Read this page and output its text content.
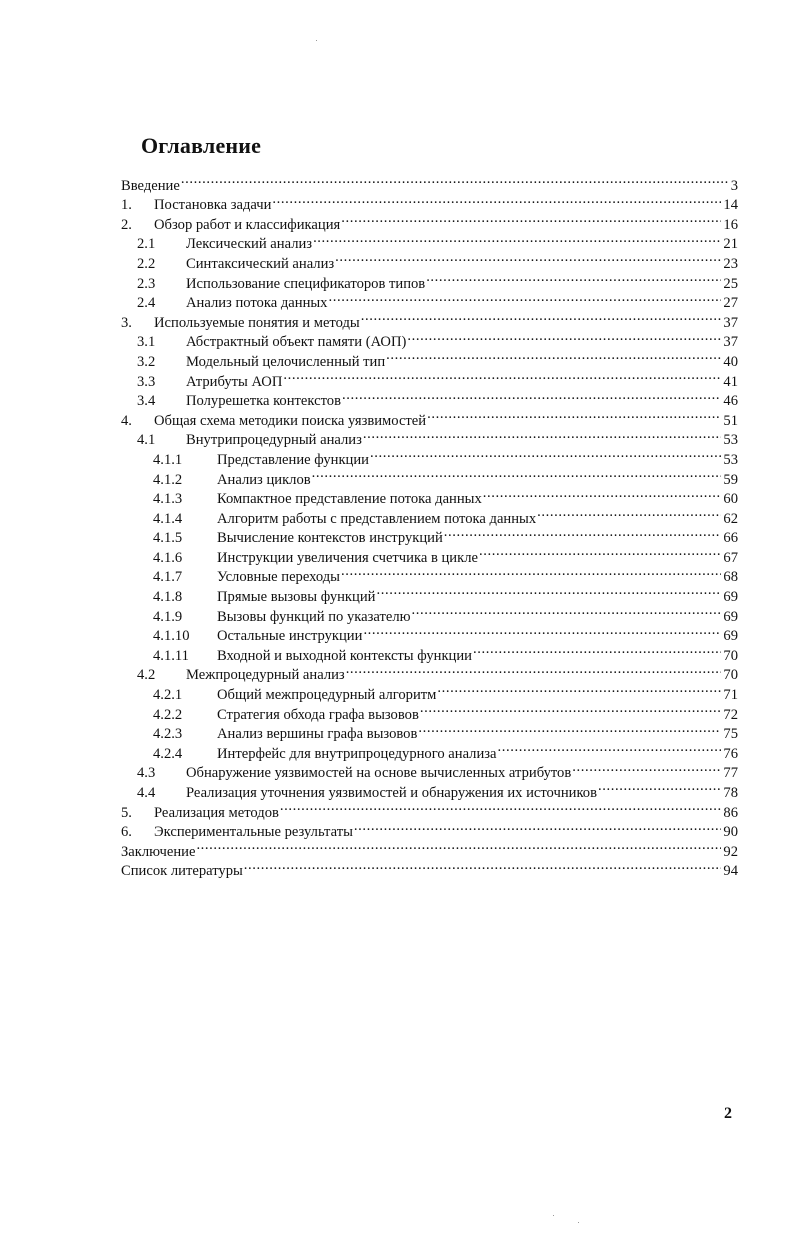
Оглавление
Введение .....	3
1.	Постановка задачи .....	14
2.	Обзор работ и классификация .....	16
2.1	Лексический анализ .....	21
2.2	Синтаксический анализ .....	23
2.3	Использование спецификаторов типов .....	25
2.4	Анализ потока данных .....	27
3.	Используемые понятия и методы .....	37
3.1	Абстрактный объект памяти (АОП) .....	37
3.2	Модельный целочисленный тип .....	40
3.3	Атрибуты АОП .....	41
3.4	Полурешетка контекстов .....	46
4.	Общая схема методики поиска уязвимостей .....	51
4.1	Внутрипроцедурный анализ .....	53
4.1.1	Представление функции .....	53
4.1.2	Анализ циклов .....	59
4.1.3	Компактное представление потока данных .....	60
4.1.4	Алгоритм работы с представлением потока данных .....	62
4.1.5	Вычисление контекстов инструкций .....	66
4.1.6	Инструкции увеличения счетчика в цикле .....	67
4.1.7	Условные переходы .....	68
4.1.8	Прямые вызовы функций .....	69
4.1.9	Вызовы функций по указателю .....	69
4.1.10	Остальные инструкции .....	69
4.1.11	Входной и выходной контексты функции .....	70
4.2	Межпроцедурный анализ .....	70
4.2.1	Общий межпроцедурный алгоритм .....	71
4.2.2	Стратегия обхода графа вызовов .....	72
4.2.3	Анализ вершины графа вызовов .....	75
4.2.4	Интерфейс для внутрипроцедурного анализа .....	76
4.3	Обнаружение уязвимостей на основе вычисленных атрибутов .....	77
4.4	Реализация уточнения уязвимостей и обнаружения их источников .....	78
5.	Реализация методов .....	86
6.	Экспериментальные результаты .....	90
Заключение .....	92
Список литературы .....	94
2
